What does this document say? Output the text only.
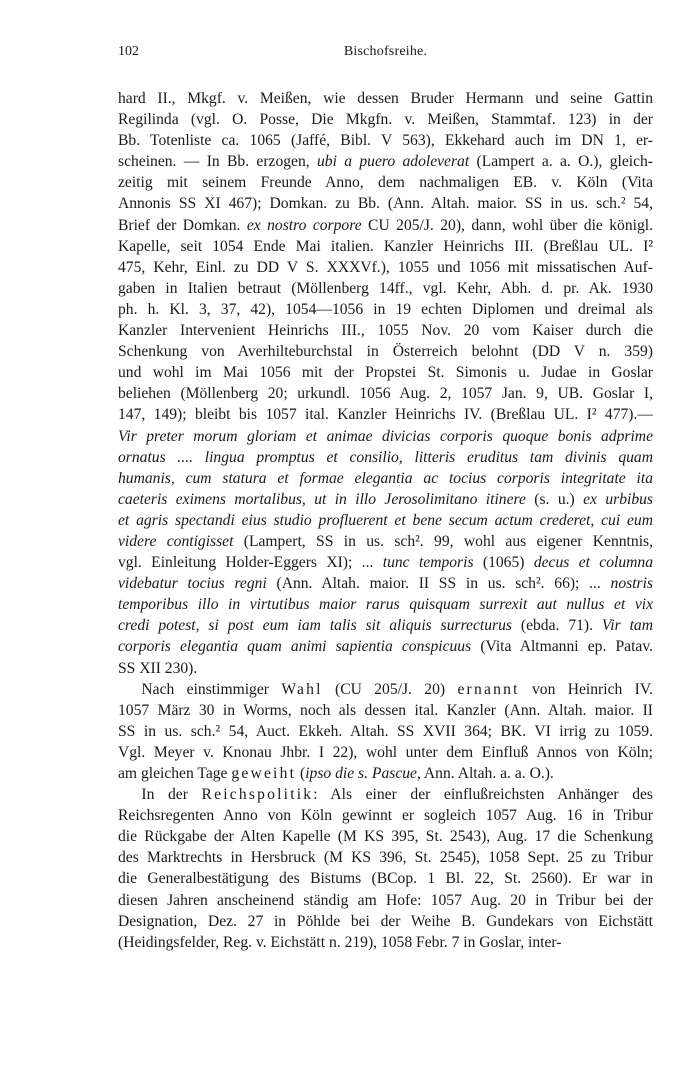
102	Bischofsreihe.
hard II., Mkgf. v. Meißen, wie dessen Bruder Hermann und seine Gattin
Regilinda (vgl. O. Posse, Die Mkgfn. v. Meißen, Stammtaf. 123) in der
Bb. Totenliste ca. 1065 (Jaffé, Bibl. V 563), Ekkehard auch im DN 1, er-
scheinen. — In Bb. erzogen, ubi a puero adoleverat (Lampert a. a. O.), gleich-
zeitig mit seinem Freunde Anno, dem nachmaligen EB. v. Köln (Vita
Annonis SS XI 467); Domkan. zu Bb. (Ann. Altah. maior. SS in us. sch.² 54,
Brief der Domkan. ex nostro corpore CU 205/J. 20), dann, wohl über die königl.
Kapelle, seit 1054 Ende Mai italien. Kanzler Heinrichs III. (Breßlau UL. I²
475, Kehr, Einl. zu DD V S. XXXVf.), 1055 und 1056 mit missatischen Auf-
gaben in Italien betraut (Möllenberg 14ff., vgl. Kehr, Abh. d. pr. Ak. 1930
ph. h. Kl. 3, 37, 42), 1054—1056 in 19 echten Diplomen und dreimal als
Kanzler Intervenient Heinrichs III., 1055 Nov. 20 vom Kaiser durch die
Schenkung von Averhilteburchstal in Österreich belohnt (DD V n. 359)
und wohl im Mai 1056 mit der Propstei St. Simonis u. Judae in Goslar
beliehen (Möllenberg 20; urkundl. 1056 Aug. 2, 1057 Jan. 9, UB. Goslar I,
147, 149); bleibt bis 1057 ital. Kanzler Heinrichs IV. (Breßlau UL. I² 477).—
Vir preter morum gloriam et animae divicias corporis quoque bonis adprime
ornatus .... lingua promptus et consilio, litteris eruditus tam divinis quam
humanis, cum statura et formae elegantia ac tocius corporis integritate ita
caeteris eximens mortalibus, ut in illo Jerosolimitano itinere (s. u.) ex urbibus
et agris spectandi eius studio profluerent et bene secum actum crederet, cui eum
videre contigisset (Lampert, SS in us. sch². 99, wohl aus eigener Kenntnis,
vgl. Einleitung Holder-Eggers XI); ... tunc temporis (1065) decus et columna
videbatur tocius regni (Ann. Altah. maior. II SS in us. sch². 66); ... nostris
temporibus illo in virtutibus maior rarus quisquam surrexit aut nullus et vix
credi potest, si post eum iam talis sit aliquis surrecturus (ebda. 71). Vir tam
corporis elegantia quam animi sapientia conspicuus (Vita Altmanni ep. Patav.
SS XII 230).
Nach einstimmiger Wahl (CU 205/J. 20) ernannt von Heinrich IV.
1057 März 30 in Worms, noch als dessen ital. Kanzler (Ann. Altah. maior. II
SS in us. sch.² 54, Auct. Ekkeh. Altah. SS XVII 364; BK. VI irrig zu 1059.
Vgl. Meyer v. Knonau Jhbr. I 22), wohl unter dem Einfluß Annos von Köln;
am gleichen Tage geweiht (ipso die s. Pascue, Ann. Altah. a. a. O.).
In der Reichspolitik: Als einer der einflußreichsten Anhänger des
Reichsregenten Anno von Köln gewinnt er sogleich 1057 Aug. 16 in Tribur
die Rückgabe der Alten Kapelle (M KS 395, St. 2543), Aug. 17 die Schenkung
des Marktrechts in Hersbruck (M KS 396, St. 2545), 1058 Sept. 25 zu Tribur
die Generalbestätigung des Bistums (BCop. 1 Bl. 22, St. 2560). Er war in
diesen Jahren anscheinend ständig am Hofe: 1057 Aug. 20 in Tribur bei der
Designation, Dez. 27 in Pöhlde bei der Weihe B. Gundekars von Eichstätt
(Heidingsfelder, Reg. v. Eichstätt n. 219), 1058 Febr. 7 in Goslar, inter-
